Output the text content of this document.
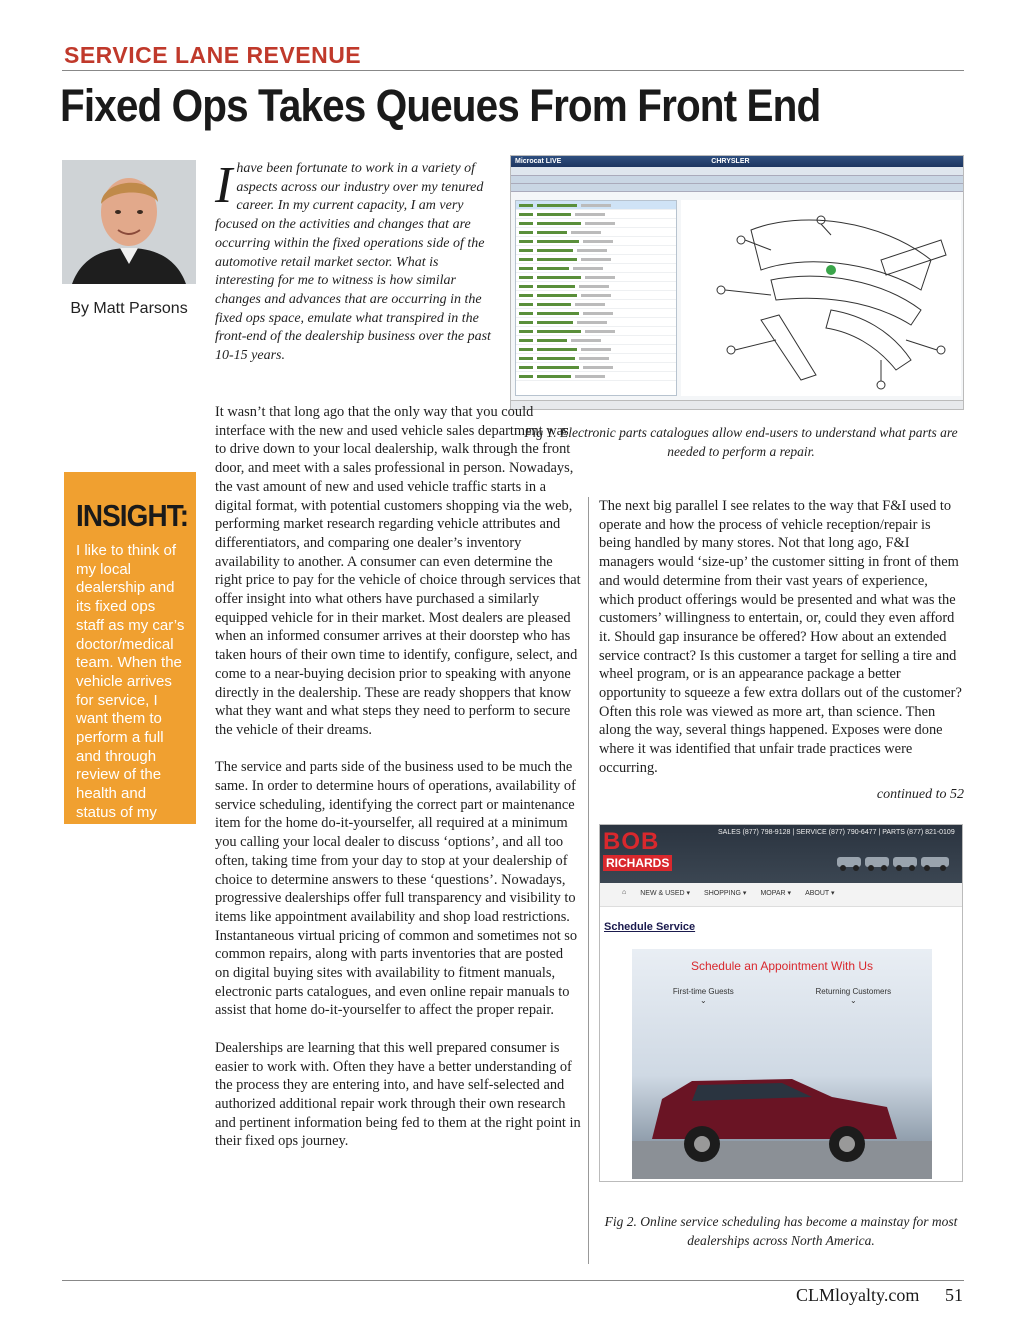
SERVICE LANE REVENUE
Fixed Ops Takes Queues From Front End
By Matt Parsons
INSIGHT:
I like to think of my local dealership and its fixed ops staff as my car’s doctor/medical team. When the vehicle arrives for service, I want them to perform a full and through review of the health and status of my vehicle.
I have been fortunate to work in a variety of aspects across our industry over my tenured career. In my current capacity, I am very focused on the activities and changes that are occurring within the fixed operations side of the automotive retail market sector. What is interesting for me to witness is how similar changes and advances that are occurring in the fixed ops space, emulate what transpired in the front-end of the dealership business over the past 10-15 years.
Microcat LIVE	CHRYSLER
Fig 1. Electronic parts catalogues allow end-users to understand what parts are needed to perform a repair.

It wasn’t that long ago that the only way that you could interface with the new and used vehicle sales department was to drive down to your local dealership, walk through the front door, and meet with a sales professional in person. Nowadays, the vast amount of new and used vehicle traffic starts in a digital format, with potential customers shopping via the web, performing market research regarding vehicle attributes and differentiators, and comparing one dealer’s inventory availability to another. A consumer can even determine the right price to pay for the vehicle of choice through services that offer insight into what others have purchased a similarly equipped vehicle for in their market. Most dealers are pleased when an informed consumer arrives at their doorstep who has taken hours of their own time to identify, configure, select, and come to a near-buying decision prior to speaking with anyone directly in the dealership. These are ready shoppers that know what they want and what steps they need to perform to secure the vehicle of their dreams.

The service and parts side of the business used to be much the same. In order to determine hours of operations, availability of service scheduling, identifying the correct part or maintenance item for the home do-it-yourselfer, all required at a minimum you calling your local dealer to discuss ‘options’, and all too often, taking time from your day to stop at your dealership of choice to determine answers to these ‘questions’. Nowadays, progressive dealerships offer full transparency and visibility to items like appointment availability and shop load restrictions. Instantaneous virtual pricing of common and sometimes not so common repairs, along with parts inventories that are posted on digital buying sites with availability to fitment manuals, electronic parts catalogues, and even online repair manuals to assist that home do-it-yourselfer to affect the proper repair.

Dealerships are learning that this well prepared consumer is easier to work with. Often they have a better understanding of the process they are entering into, and have self-selected and authorized additional repair work through their own research and pertinent information being fed to them at the right point in their fixed ops journey.

The next big parallel I see relates to the way that F&I used to operate and how the process of vehicle reception/repair is being handled by many stores. Not that long ago, F&I managers would ‘size-up’ the customer sitting in front of them and would determine from their vast years of experience, which product offerings would be presented and what was the customers’ willingness to entertain, or, could they even afford it. Should gap insurance be offered? How about an extended service contract? Is this customer a target for selling a tire and wheel program, or is an appearance package a better opportunity to squeeze a few extra dollars out of the customer? Often this role was viewed as more art, than science. Then along the way, several things happened. Exposes were done where it was identified that unfair trade practices were occurring.

continued to 52
BOB
RICHARDS
SALES (877) 798-9128 | SERVICE (877) 790-6477 | PARTS (877) 821-0109
⌂ NEW & USED ▾ SHOPPING ▾ MOPAR ▾ ABOUT ▾
Schedule Service
Schedule an Appointment With Us
First-time Guests
⌄
Returning Customers
⌄
Fig 2. Online service scheduling has become a mainstay for most dealerships across North America.
CLMloyalty.com 51
